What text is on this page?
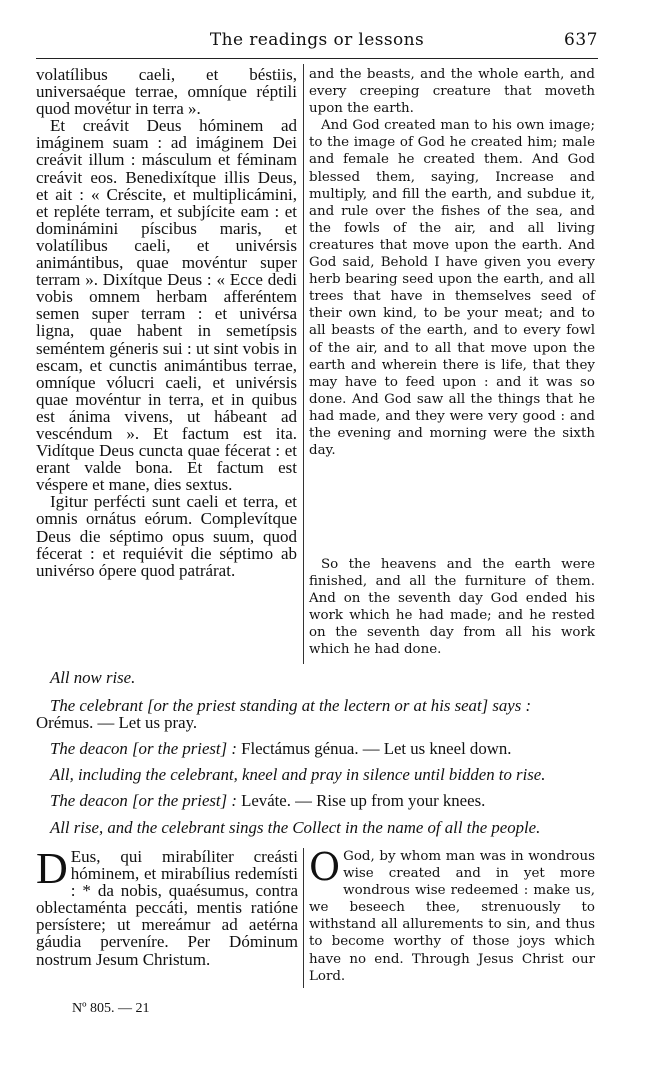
The readings or lessons	637

volatílibus caeli, et béstiis, universaéque terrae, omníque réptili quod movétur in terra ».

Et creávit Deus hóminem ad imáginem suam : ad imáginem Dei creávit illum : másculum et féminam creávit eos. Benedixítque illis Deus, et ait : « Créscite, et multiplicámini, et repléte terram, et subjícite eam : et dominámini píscibus maris, et volatílibus caeli, et univérsis animántibus, quae movéntur super terram ». Dixítque Deus : « Ecce dedi vobis omnem herbam afferéntem semen super terram : et univérsa ligna, quae habent in semetípsis seméntem géneris sui : ut sint vobis in escam, et cunctis animántibus terrae, omníque vólucri caeli, et univérsis quae movéntur in terra, et in quibus est ánima vivens, ut hábeant ad vescéndum ». Et factum est ita. Vidítque Deus cuncta quae fécerat : et erant valde bona. Et factum est véspere et mane, dies sextus.

Igitur perfécti sunt caeli et terra, et omnis ornátus eórum. Complevítque Deus die séptimo opus suum, quod fécerat : et requiévit die séptimo ab univérso ópere quod patrárat.

and the beasts, and the whole earth, and every creeping creature that moveth upon the earth.

And God created man to his own image; to the image of God he created him; male and female he created them. And God blessed them, saying, Increase and multiply, and fill the earth, and subdue it, and rule over the fishes of the sea, and the fowls of the air, and all living creatures that move upon the earth. And God said, Behold I have given you every herb bearing seed upon the earth, and all trees that have in themselves seed of their own kind, to be your meat; and to all beasts of the earth, and to every fowl of the air, and to all that move upon the earth and wherein there is life, that they may have to feed upon : and it was so done. And God saw all the things that he had made, and they were very good : and the evening and morning were the sixth day.

So the heavens and the earth were finished, and all the furniture of them. And on the seventh day God ended his work which he had made; and he rested on the seventh day from all his work which he had done.

All now rise.
The celebrant [or the priest standing at the lectern or at his seat] says :
Orémus. — Let us pray.
The deacon [or the priest] : Flectámus génua. — Let us kneel down.
All, including the celebrant, kneel and pray in silence until bidden to rise.
The deacon [or the priest] : Leváte. — Rise up from your knees.
All rise, and the celebrant sings the Collect in the name of all the people.
D Eus, qui mirabíliter creásti hóminem, et mirabílius redemísti : * da nobis, quaésumus, contra oblectaménta peccáti, mentis ratióne persístere; ut mereámur ad aetérna gáudia perveníre. Per Dóminum nostrum Jesum Christum.
O God, by whom man was in wondrous wise created and in yet more wondrous wise redeemed : make us, we beseech thee, strenuously to withstand all allurements to sin, and thus to become worthy of those joys which have no end. Through Jesus Christ our Lord.
Nº 805. — 21
